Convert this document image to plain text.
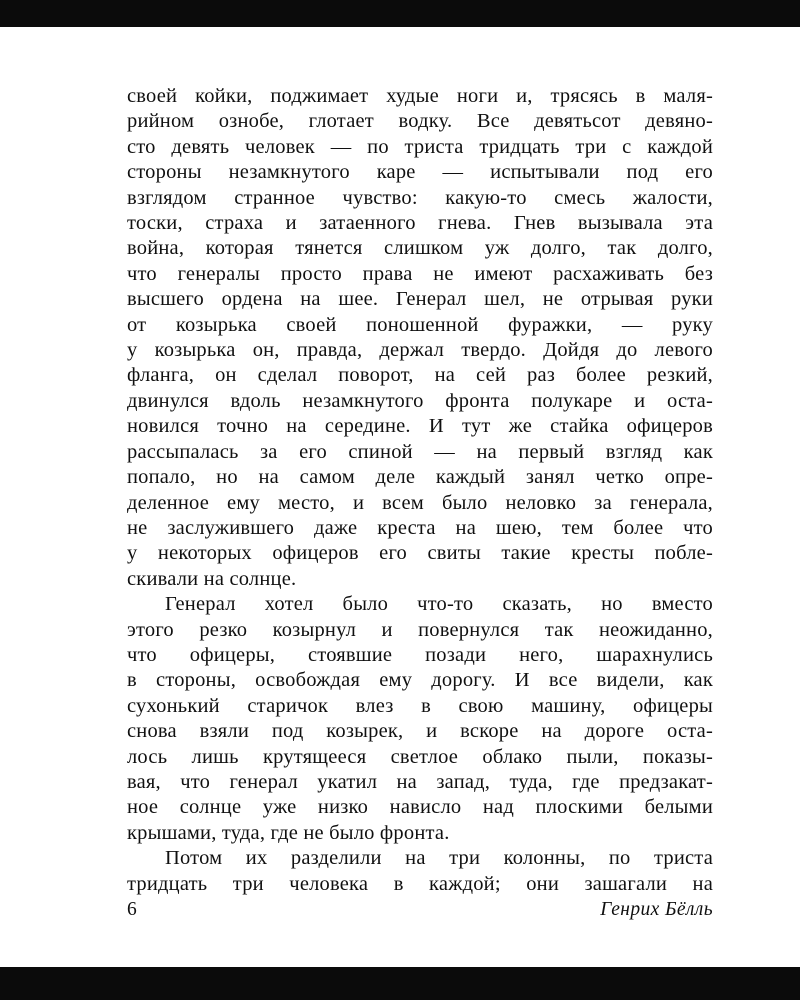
своей койки, поджимает худые ноги и, трясясь в маля-
рийном ознобе, глотает водку. Все девятьсот девяно-
сто девять человек — по триста тридцать три с каждой
стороны незамкнутого каре — испытывали под его
взглядом странное чувство: какую-то смесь жалости,
тоски, страха и затаенного гнева. Гнев вызывала эта
война, которая тянется слишком уж долго, так долго,
что генералы просто права не имеют расхаживать без
высшего ордена на шее. Генерал шел, не отрывая руки
от козырька своей поношенной фуражки, — руку
у козырька он, правда, держал твердо. Дойдя до левого
фланга, он сделал поворот, на сей раз более резкий,
двинулся вдоль незамкнутого фронта полукаре и оста-
новился точно на середине. И тут же стайка офицеров
рассыпалась за его спиной — на первый взгляд как
попало, но на самом деле каждый занял четко опре-
деленное ему место, и всем было неловко за генерала,
не заслужившего даже креста на шею, тем более что
у некоторых офицеров его свиты такие кресты побле-
скивали на солнце.
Генерал хотел было что-то сказать, но вместо
этого резко козырнул и повернулся так неожиданно,
что офицеры, стоявшие позади него, шарахнулись
в стороны, освобождая ему дорогу. И все видели, как
сухонький старичок влез в свою машину, офицеры
снова взяли под козырек, и вскоре на дороге оста-
лось лишь крутящееся светлое облако пыли, показы-
вая, что генерал укатил на запад, туда, где предзакат-
ное солнце уже низко нависло над плоскими белыми
крышами, туда, где не было фронта.
Потом их разделили на три колонны, по триста
тридцать три человека в каждой; они зашагали на
6	Генрих Бёлль
